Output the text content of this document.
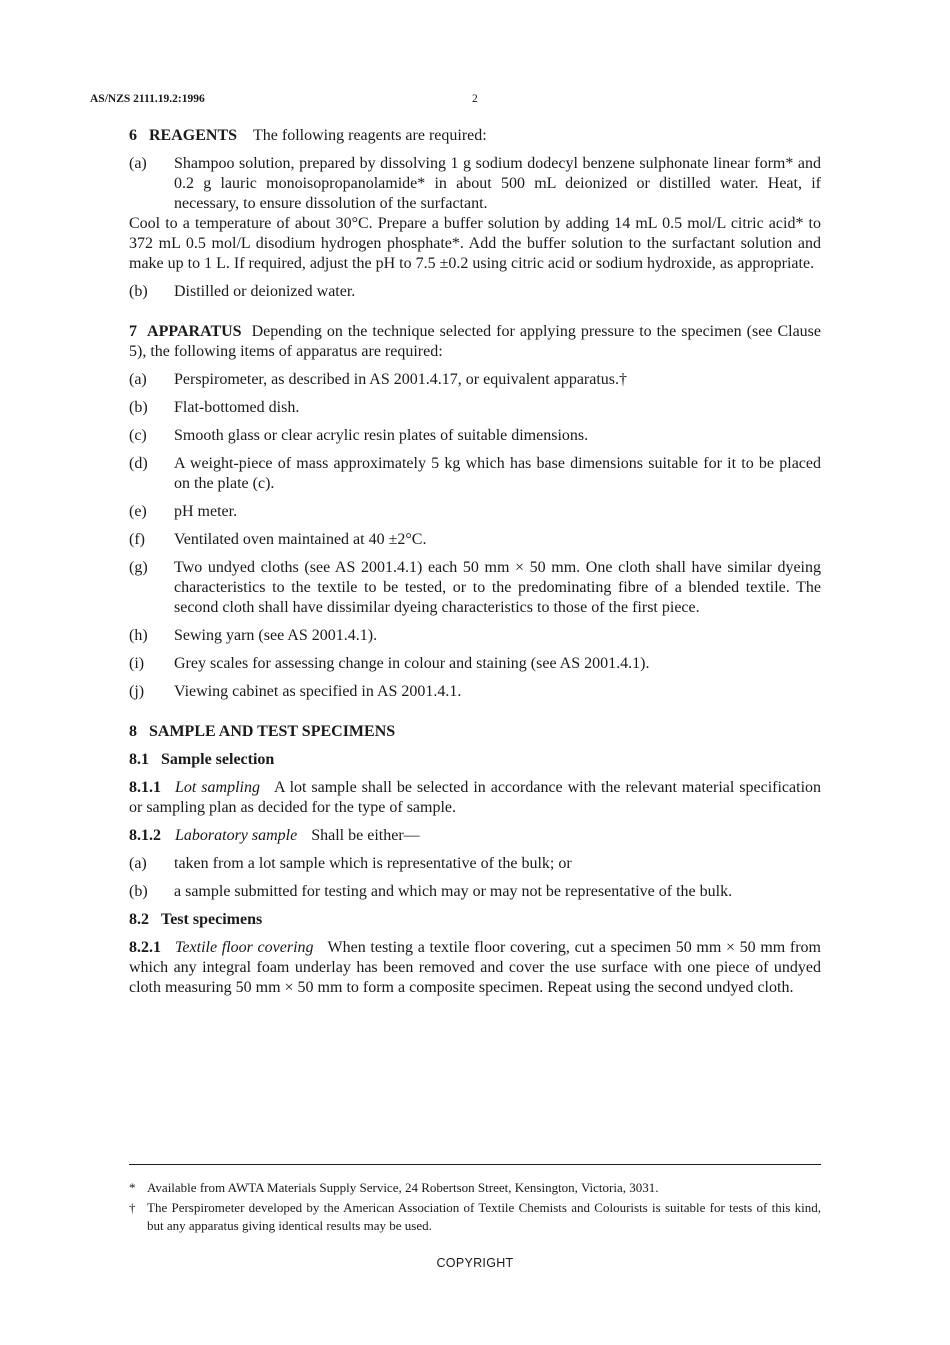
AS/NZS 2111.19.2:1996	2

6 REAGENTS The following reagents are required:

(a)	Shampoo solution, prepared by dissolving 1 g sodium dodecyl benzene sulphonate linear form* and 0.2 g lauric monoisopropanolamide* in about 500 mL deionized or distilled water. Heat, if necessary, to ensure dissolution of the surfactant.

Cool to a temperature of about 30°C. Prepare a buffer solution by adding 14 mL 0.5 mol/L citric acid* to 372 mL 0.5 mol/L disodium hydrogen phosphate*. Add the buffer solution to the surfactant solution and make up to 1 L. If required, adjust the pH to 7.5 ±0.2 using citric acid or sodium hydroxide, as appropriate.

(b)	Distilled or deionized water.

7 APPARATUS Depending on the technique selected for applying pressure to the specimen (see Clause 5), the following items of apparatus are required:

(a)	Perspirometer, as described in AS 2001.4.17, or equivalent apparatus.†
(b)	Flat-bottomed dish.
(c)	Smooth glass or clear acrylic resin plates of suitable dimensions.
(d)	A weight-piece of mass approximately 5 kg which has base dimensions suitable for it to be placed on the plate (c).
(e)	pH meter.
(f)	Ventilated oven maintained at 40 ±2°C.
(g)	Two undyed cloths (see AS 2001.4.1) each 50 mm × 50 mm. One cloth shall have similar dyeing characteristics to the textile to be tested, or to the predominating fibre of a blended textile. The second cloth shall have dissimilar dyeing characteristics to those of the first piece.
(h)	Sewing yarn (see AS 2001.4.1).
(i)	Grey scales for assessing change in colour and staining (see AS 2001.4.1).
(j)	Viewing cabinet as specified in AS 2001.4.1.

8 SAMPLE AND TEST SPECIMENS

8.1 Sample selection

8.1.1 Lot sampling A lot sample shall be selected in accordance with the relevant material specification or sampling plan as decided for the type of sample.

8.1.2 Laboratory sample Shall be either—

(a)	taken from a lot sample which is representative of the bulk; or
(b)	a sample submitted for testing and which may or may not be representative of the bulk.

8.2 Test specimens

8.2.1 Textile floor covering When testing a textile floor covering, cut a specimen 50 mm × 50 mm from which any integral foam underlay has been removed and cover the use surface with one piece of undyed cloth measuring 50 mm × 50 mm to form a composite specimen. Repeat using the second undyed cloth.

* Available from AWTA Materials Supply Service, 24 Robertson Street, Kensington, Victoria, 3031.
† The Perspirometer developed by the American Association of Textile Chemists and Colourists is suitable for tests of this kind, but any apparatus giving identical results may be used.
COPYRIGHT
